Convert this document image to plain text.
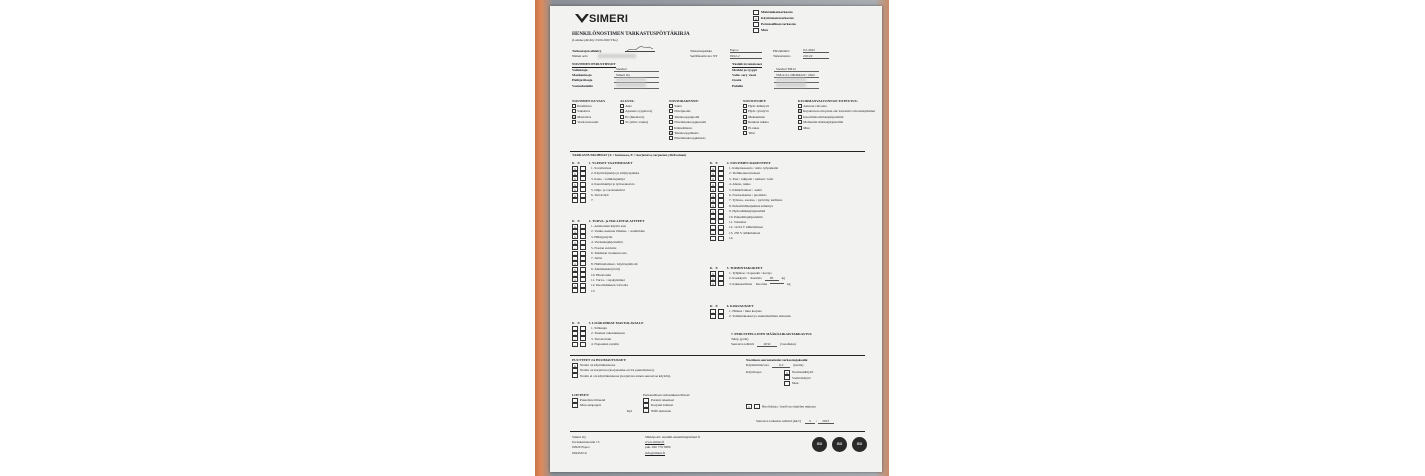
SIMERI
Määräaikaistarkastus
x	Käyttöönottotarkastus
Perusteellinen tarkastus
Muu
HENKILÖNOSTIMEN TARKASTUSPÖYTÄKIRJA
(Lomake päivätty 23.06.2020 YKo)
Tarkastajan allekirj.
Nimen selv.
Tarkastuspaikka	Espoo
Sertifikaatin nro NT	0912-2
Päivämäärä:	9.5.2022
Tarkastusnro	210/22
NOSTIMEN PERUSTIEDOT
Valmistaja	Snorkel
Maahantuoja	Simeri Oy
Haltija/tilaaja
Vastuuhenkilö
Yksilöivät tunnisteet
Merkki ja tyyppi	Snorkel TM12
Valm. sarj. vuosi	TM12-01-200464224 / 2022
Osoite
Puhelin
NOSTIMEN KUVAUS
Puomilava
Saksilava
x Mastolava
Vetolavanosturi
ALUSTA:
Auto
x Ajoneuvo (ajettava)
Pv (hinattava)
Sv (siirto vaunu)
NOSTORAKENNE:
Saksi
Nivelpuomi
Teleskooppipuomi
Nivelteleskooppipuomi
Kiinteämasto
x Teleskooppimasto
Nivelteleskooppimasto
NOSTOTOIET:
Hydr. kääntyvä
Hydr. työntyvä
Mekaaninen
x Renkaat tukina
El.rakas
Telat
KUORMANVALVONNAN TOTEUTUS:
Anturan valvonta
x Rajoitettu korin pinta-ala/ kuvastin valvontakytkimet
Kuormitus mittausjärjestelmä
Momentin mittausjärjestelmä
Muu
TARKASTUSKOHDAT (X = kunnossa, E = korjattava, tarpeeton yliviivataan)
K E 1. YLEISET VAATIMUKSET
x	1. Soveltuvuus
x	2. Käyttöohjekirja ja säilytyspaikka
x	3. Kone - valmistajakilpi
x	4. Kuormakilpi ja työtasokaavio
x	5. Ohje- ja varoituskilvet
x	6. Turvavärit
7.
K E 2. TURVA- ja HALLINTALAITTEET
x	1. Asiattoman käytön esto
x	2. Vauku-asennon ilmaisu- / osoitinlaite
x	3. Hätäpysäytin
x	4. Varalaskujärjestelmä
-	5. Noston estolaite
-	6. Tukinnan avauksen esto
-	7. Jarrut
x	8. Hallintalaitteet / käyttösymbolit
x	9. Äänimerkki (tööti)
-	10. Hisobotaki
x	11. Turva- / rajakytkimet
x	12. Kuormituksen valvonta
13.
K E 3. LISÄKOHDAT MASTOLAVALLE
-	1. Sälleuuja
-	2. Tuennat rakennukseen
-	3. Turvatarrain
-	4. Nopeuden rajoitin
K E 4. NOSTIMEN RAKENTEET
x	1. Kuljetusasento / siirto työpaikalla
x	2. Tiellikonnevarusteet
x	3. Tuet / tukijalat / renkaat / telat
x	4. Alusta, runko
x	5. Kääntölaitteet / -kehä
x	6. Nostorakenne / puomisto
x	7. Työtaso, saostus, / pyöröity, kallistus
x	8. Puhomittimatjuimen kiinnitys
x	9. Hydrauliikkajärjestelmä
-	10. Paineilmajärjestelmä
-	11. Valaistus
-	12. 12/24 V sähkölaitteet
-	13. 230 V sähkölaitteet
-	14.
K E 5. TOIMINTAKOKEET
x	1. Tyhjäkoe / nopeudet / kovajo
x	2. Koekäyttö Kuorma	85	kg
x	3. Kuukuormitus Kuorma	kg
K E 6. KORJAUKSET
-	1. Hiitaus / muu korjaus
-	2. Toimintakokeet ja suunnittelmien tarkastus
7. PERUSTEELLINEN MÄÄRÄAIKAISTARKASTUS
Tehty, (pvm)
Seuraava tehtävä	2032	(vuosiluku)
PUUTTEET JA HUOMAUTUKSET:
x	Nostin on käyttökunnossa
Nostin on korjattava (korjausaika-arviot puutelistassa).
Nostin ei ole käyttökunnossa (korjattava ennen seuraavaa käyttöä).
Nostimen seurantatiedot tarkastusjaksolla:
Käyntimittarvaro	0.2	(tuntia)
Käyttötapa:	x	Normaalikäyttö
Vaativakäyttö
Muu
LIITTEET:
-	Puutelista liitteenä
-	Muu asiapaperi
Kpl
Perusteellisen tarkastuksen liitteet:
-	Puretut rakenteet
-	Korjatut kohteet
-	NDT-tarkastus
x - Huoltokirja / huollotu ohjeiden mukaan
Seuraava tarkastus tehtävä (kk/v) 5 / 2023
Simeri Oy
Juvankartanontie 15
02920 Espoo
0944332-6
Sähköposti: etunimi.sukunimi@simeri.fi
www.simeri.fi
puh. 020 770 5800
info@simeri.fi
ISO	ISO	ISO
